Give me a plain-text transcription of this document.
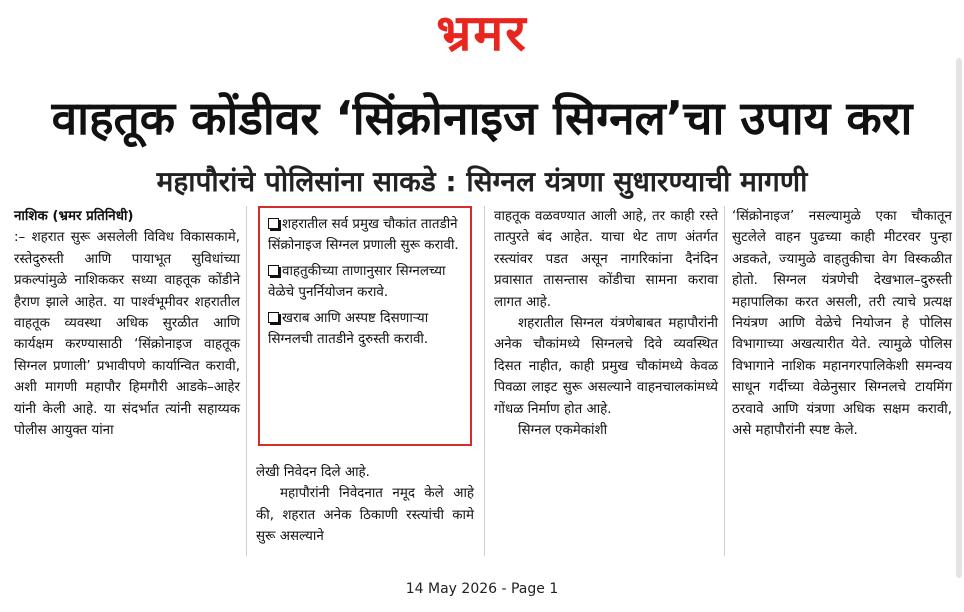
भ्रमर
वाहतूक कोंडीवर ‘सिंक्रोनाइज सिग्नल’चा उपाय करा
महापौरांचे पोलिसांना साकडे : सिग्नल यंत्रणा सुधारण्याची मागणी

नाशिक (भ्रमर प्रतिनिधी)
:– शहरात सुरू असलेली विविध विकासकामे, रस्तेदुरुस्ती आणि पायाभूत सुविधांच्या प्रकल्पांमुळे नाशिककर सध्या वाहतूक कोंडीने हैराण झाले आहेत. या पार्श्वभूमीवर शहरातील वाहतूक व्यवस्था अधिक सुरळीत आणि कार्यक्षम करण्यासाठी ‘सिंक्रोनाइज वाहतूक सिग्नल प्रणाली’ प्रभावीपणे कार्यान्वित करावी, अशी मागणी महापौर हिमगौरी आडके–आहेर यांनी केली आहे. या संदर्भात त्यांनी सहाय्यक पोलीस आयुक्त यांना

शहरातील सर्व प्रमुख चौकांत तातडीने सिंक्रोनाइज सिग्नल प्रणाली सुरू करावी.
वाहतुकीच्या ताणानुसार सिग्नलच्या वेळेचे पुनर्नियोजन करावे.
खराब आणि अस्पष्ट दिसणाऱ्या सिग्नलची तातडीने दुरुस्ती करावी.

लेखी निवेदन दिले आहे.

महापौरांनी निवेदनात नमूद केले आहे की, शहरात अनेक ठिकाणी रस्त्यांची कामे सुरू असल्याने

वाहतूक वळवण्यात आली आहे, तर काही रस्ते तात्पुरते बंद आहेत. याचा थेट ताण अंतर्गत रस्त्यांवर पडत असून नागरिकांना दैनंदिन प्रवासात तासन्तास कोंडीचा सामना करावा लागत आहे.

शहरातील सिग्नल यंत्रणेबाबत महापौरांनी अनेक चौकांमध्ये सिग्नलचे दिवे व्यवस्थित दिसत नाहीत, काही प्रमुख चौकांमध्ये केवळ पिवळा लाइट सुरू असल्याने वाहनचालकांमध्ये गोंधळ निर्माण होत आहे.

सिग्नल एकमेकांशी

‘सिंक्रोनाइज’ नसल्यामुळे एका चौकातून सुटलेले वाहन पुढच्या काही मीटरवर पुन्हा अडकते, ज्यामुळे वाहतुकीचा वेग विस्कळीत होतो. सिग्नल यंत्रणेची देखभाल–दुरुस्ती महापालिका करत असली, तरी त्याचे प्रत्यक्ष नियंत्रण आणि वेळेचे नियोजन हे पोलिस विभागाच्या अखत्यारीत येते. त्यामुळे पोलिस विभागाने नाशिक महानगरपालिकेशी समन्वय साधून गर्दीच्या वेळेनुसार सिग्नलचे टायमिंग ठरवावे आणि यंत्रणा अधिक सक्षम करावी, असे महापौरांनी स्पष्ट केले.

14 May 2026 - Page 1
